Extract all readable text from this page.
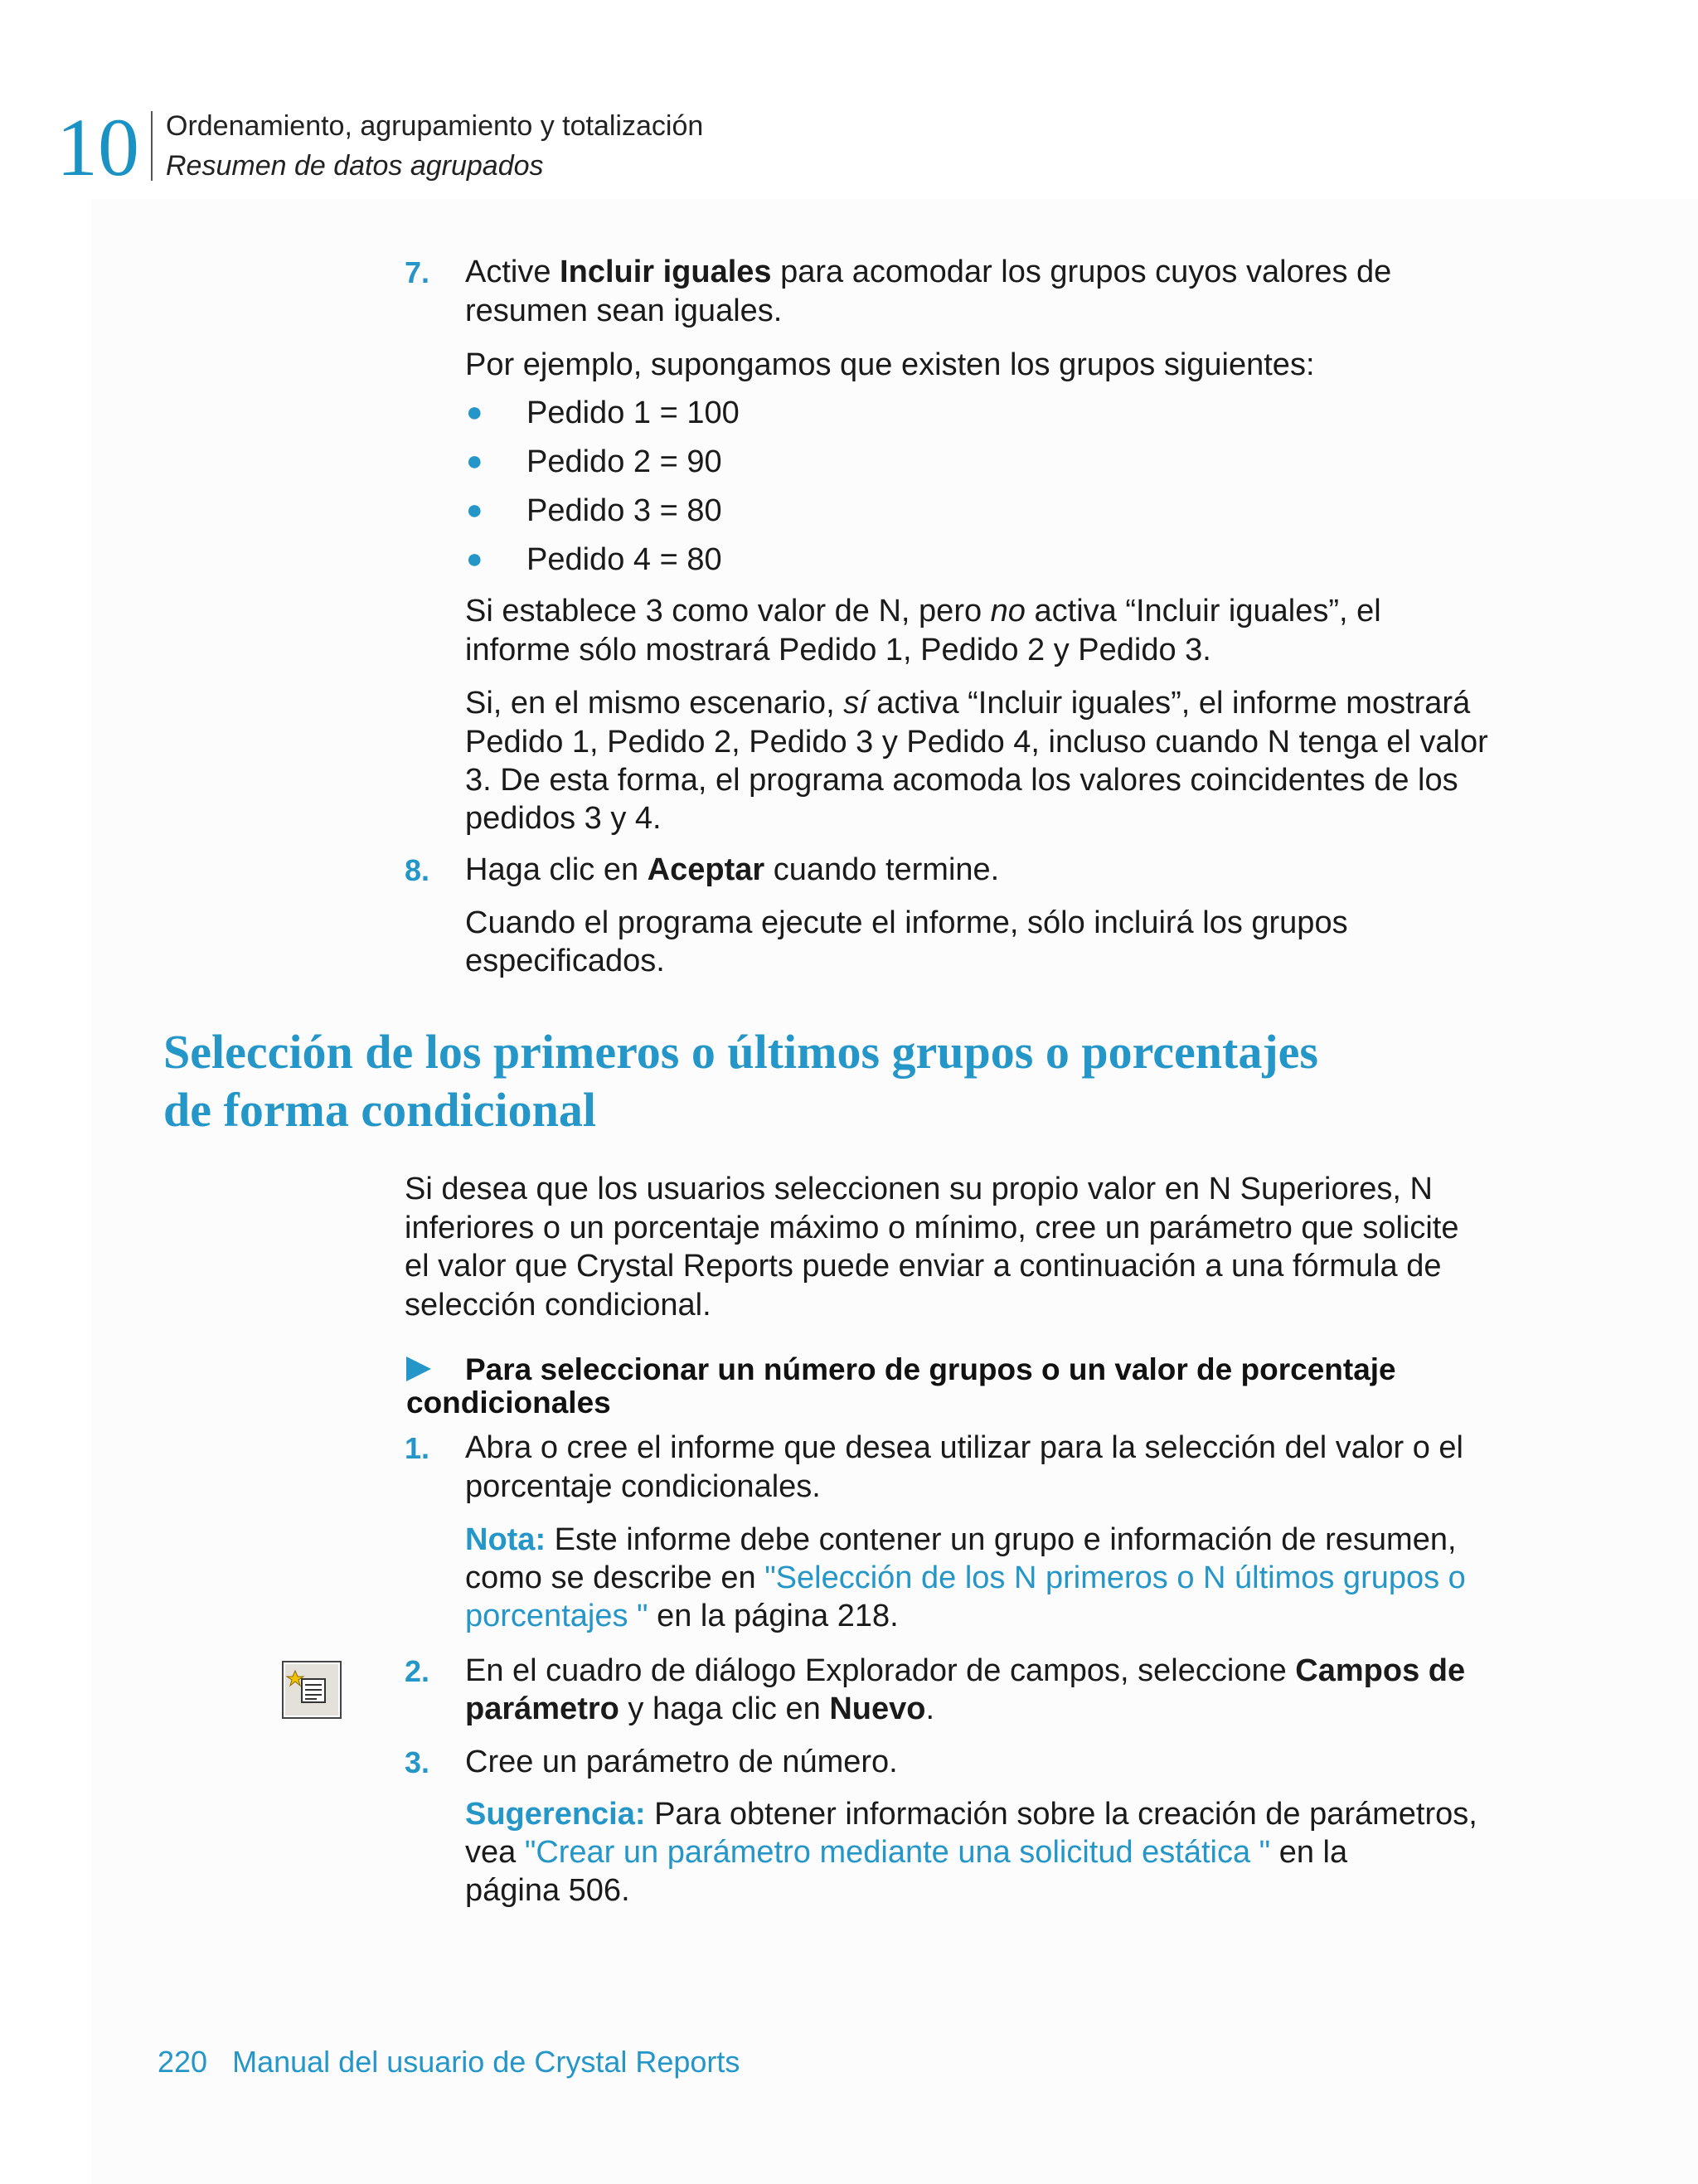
10 Ordenamiento, agrupamiento y totalización
Resumen de datos agrupados
7. Active Incluir iguales para acomodar los grupos cuyos valores de
resumen sean iguales.
Por ejemplo, supongamos que existen los grupos siguientes:
● Pedido 1 = 100
● Pedido 2 = 90
● Pedido 3 = 80
● Pedido 4 = 80
Si establece 3 como valor de N, pero no activa “Incluir iguales”, el
informe sólo mostrará Pedido 1, Pedido 2 y Pedido 3.
Si, en el mismo escenario, sí activa “Incluir iguales”, el informe mostrará
Pedido 1, Pedido 2, Pedido 3 y Pedido 4, incluso cuando N tenga el valor
3. De esta forma, el programa acomoda los valores coincidentes de los
pedidos 3 y 4.
8. Haga clic en Aceptar cuando termine.
Cuando el programa ejecute el informe, sólo incluirá los grupos
especificados.
Selección de los primeros o últimos grupos o porcentajes
de forma condicional
Si desea que los usuarios seleccionen su propio valor en N Superiores, N
inferiores o un porcentaje máximo o mínimo, cree un parámetro que solicite
el valor que Crystal Reports puede enviar a continuación a una fórmula de
selección condicional.
Para seleccionar un número de grupos o un valor de porcentaje
condicionales
1. Abra o cree el informe que desea utilizar para la selección del valor o el
porcentaje condicionales.
Nota: Este informe debe contener un grupo e información de resumen,
como se describe en "Selección de los N primeros o N últimos grupos o
porcentajes " en la página 218.
2. En el cuadro de diálogo Explorador de campos, seleccione Campos de
parámetro y haga clic en Nuevo.
3. Cree un parámetro de número.
Sugerencia: Para obtener información sobre la creación de parámetros,
vea "Crear un parámetro mediante una solicitud estática " en la
página 506.
220 Manual del usuario de Crystal Reports
